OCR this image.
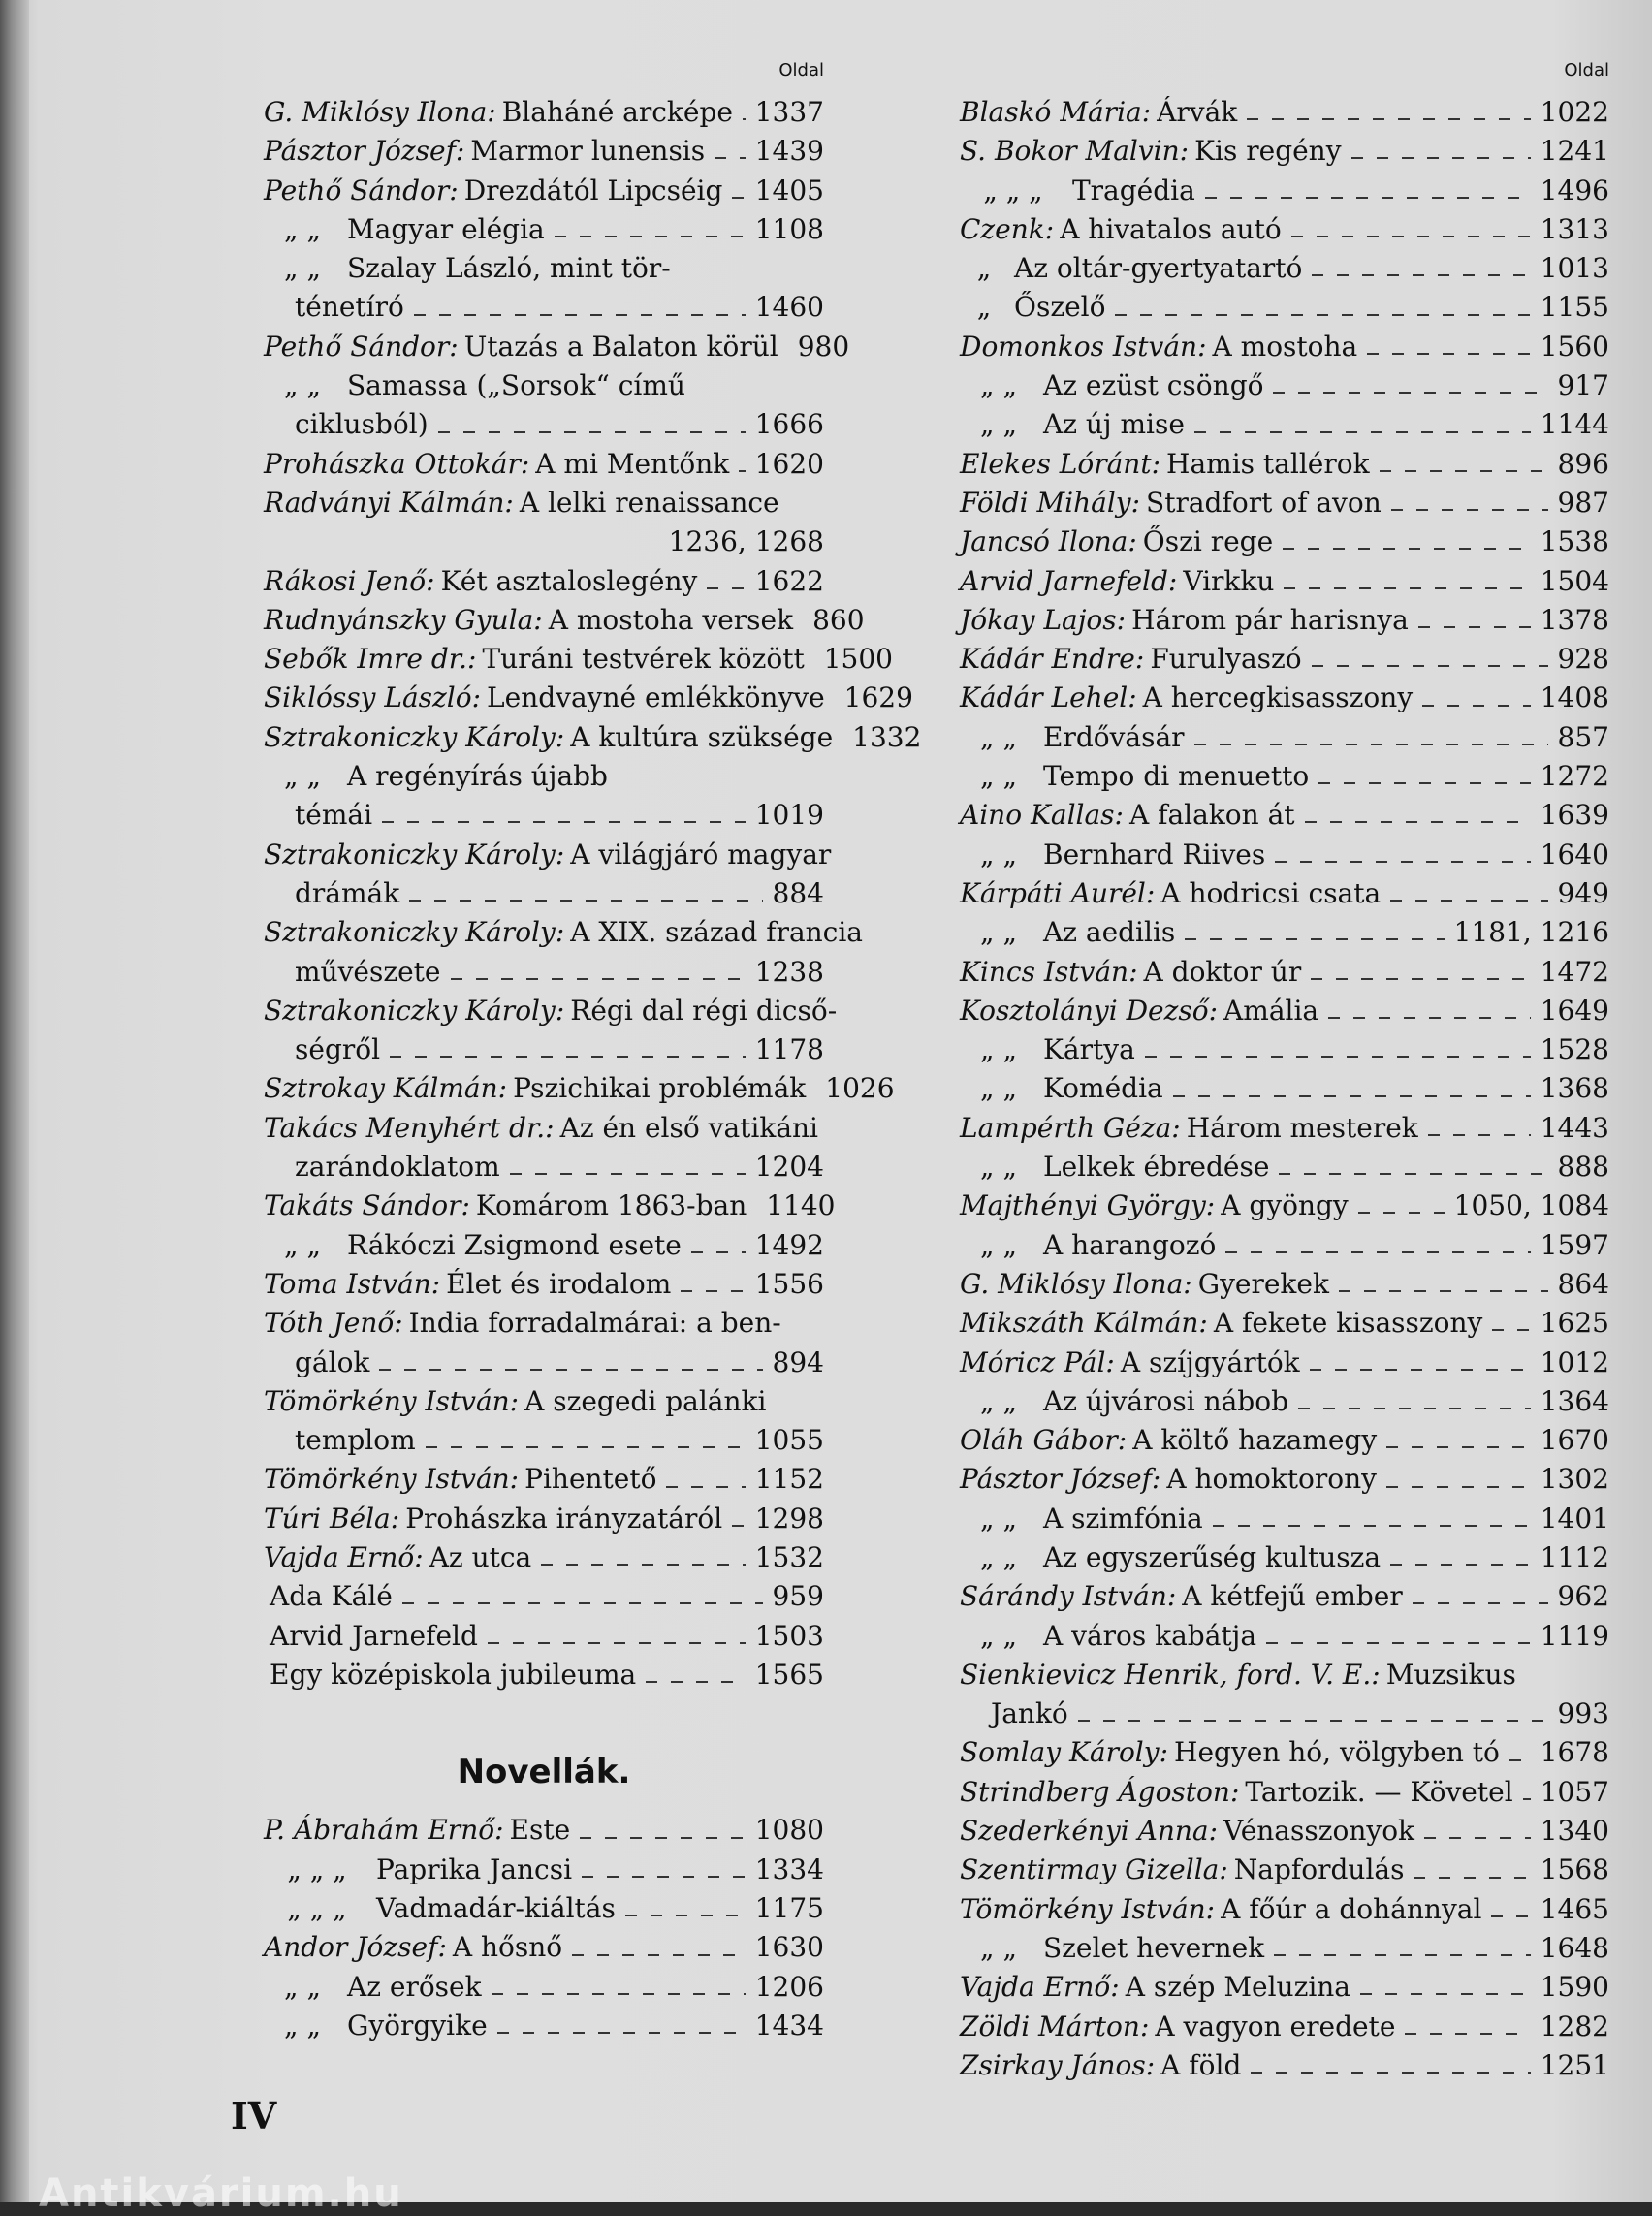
Oldal
G. Miklósy Ilona: Blaháné arcképe 1337
Pásztor József: Marmor lunensis 1439
Pethő Sándor: Drezdától Lipcséig 1405
„ „ Magyar elégia	1108
„ „ Szalay László, mint tör-
ténetíró	1460
Pethő Sándor: Utazás a Balaton körül 980
„ „ Samassa („Sorsok“ című
ciklusból)	1666
Prohászka Ottokár: A mi Mentőnk 1620
Radványi Kálmán: A lelki renaissance
1236, 1268
Rákosi Jenő: Két asztaloslegény 1622
Rudnyánszky Gyula: A mostoha versek 860
Sebők Imre dr.: Turáni testvérek között 1500
Siklóssy László: Lendvayné emlékkönyve 1629
Sztrakoniczky Károly: A kultúra szüksége 1332
„ „ A regényírás újabb
témái	1019
Sztrakoniczky Károly: A világjáró magyar
drámák	884
Sztrakoniczky Károly: A XIX. század francia
művészete	1238
Sztrakoniczky Károly: Régi dal régi dicső-
ségről	1178
Sztrokay Kálmán: Pszichikai problémák 1026
Takács Menyhért dr.: Az én első vatikáni
zarándoklatom	1204
Takáts Sándor: Komárom 1863-ban 1140
„ „ Rákóczi Zsigmond esete	1492
Toma István: Élet és irodalom	1556
Tóth Jenő: India forradalmárai: a ben-
gálok	894
Tömörkény István: A szegedi palánki
templom	1055
Tömörkény István: Pihentető	1152
Túri Béla: Prohászka irányzatáról 1298
Vajda Ernő: Az utca	1532
Ada Kálé	959
Arvid Jarnefeld	1503
Egy középiskola jubileuma	1565
Novellák.
P. Ábrahám Ernő: Este	1080
„ „ „	Paprika Jancsi	1334
„ „ „	Vadmadár-kiáltás	1175
Andor József: A hősnő	1630
„ „ Az erősek	1206
„ „ Györgyike	1434
Oldal
Blaskó Mária: Árvák	1022
S. Bokor Malvin: Kis regény	1241
„ „ „	Tragédia	1496
Czenk: A hivatalos autó	1313
„ Az oltár-gyertyatartó	1013
„ Őszelő	1155
Domonkos István: A mostoha	1560
„ „ Az ezüst csöngő	917
„ „ Az új mise	1144
Elekes Lóránt: Hamis tallérok	896
Földi Mihály: Stradfort of avon	987
Jancsó Ilona: Őszi rege	1538
Arvid Jarnefeld: Virkku	1504
Jókay Lajos: Három pár harisnya	1378
Kádár Endre: Furulyaszó	928
Kádár Lehel: A hercegkisasszony	1408
„ „ Erdővásár	857
„ „ Tempo di menuetto	1272
Aino Kallas: A falakon át	1639
„ „ Bernhard Riives	1640
Kárpáti Aurél: A hodricsi csata	949
„ „ Az aedilis	1181, 1216
Kincs István: A doktor úr	1472
Kosztolányi Dezső: Amália	1649
„ „ Kártya	1528
„ „ Komédia	1368
Lampérth Géza: Három mesterek	1443
„ „ Lelkek ébredése	888
Majthényi György: A gyöngy	1050, 1084
„ „ A harangozó	1597
G. Miklósy Ilona: Gyerekek	864
Mikszáth Kálmán: A fekete kisasszony 1625
Móricz Pál: A szíjgyártók	1012
„ „ Az újvárosi nábob	1364
Oláh Gábor: A költő hazamegy	1670
Pásztor József: A homoktorony	1302
„ „ A szimfónia	1401
„ „ Az egyszerűség kultusza	1112
Sárándy István: A kétfejű ember	962
„ „ A város kabátja	1119
Sienkievicz Henrik, ford. V. E.: Muzsikus
Jankó	993
Somlay Károly: Hegyen hó, völgyben tó 1678
Strindberg Ágoston: Tartozik. — Követel 1057
Szederkényi Anna: Vénasszonyok	1340
Szentirmay Gizella: Napfordulás	1568
Tömörkény István: A főúr a dohánnyal 1465
„ „ Szelet hevernek	1648
Vajda Ernő: A szép Meluzina	1590
Zöldi Márton: A vagyon eredete	1282
Zsirkay János: A föld	1251
IV
Antikvárium.hu
